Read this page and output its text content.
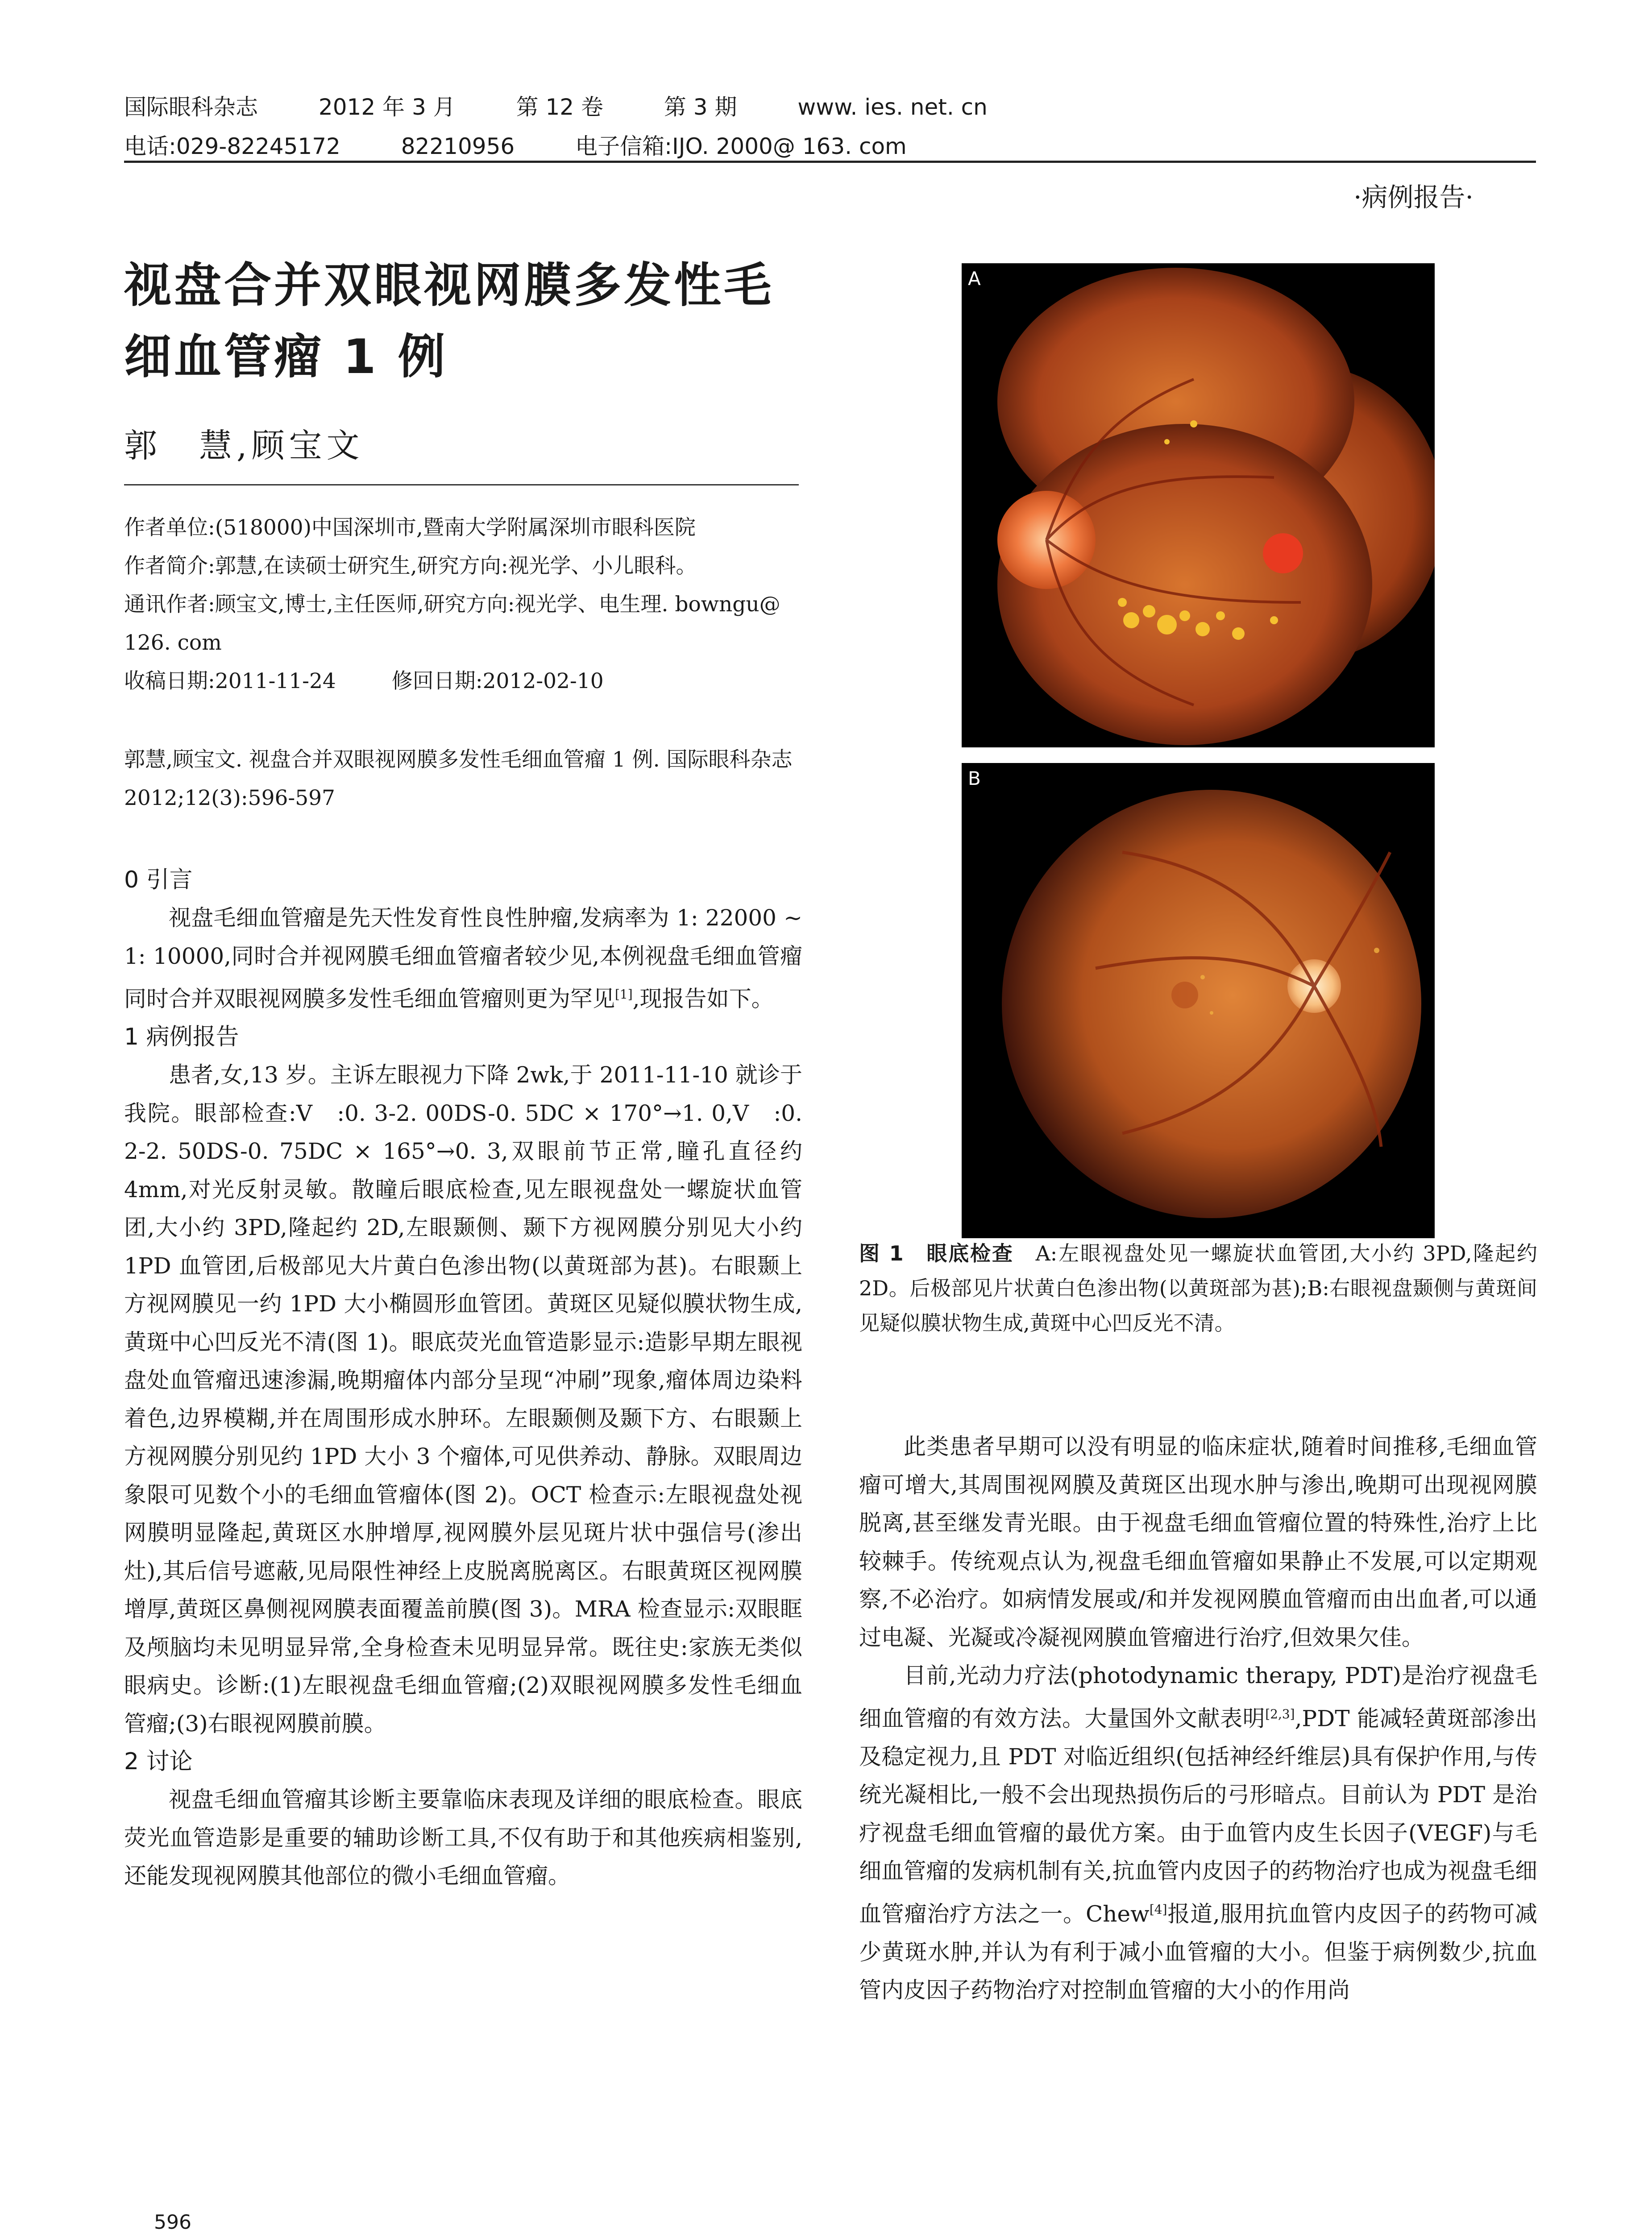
国际眼科杂志	2012 年 3 月	第 12 卷	第 3 期	www. ies. net. cn
电话:029-82245172	82210956	电子信箱:IJO. 2000@ 163. com
·病例报告·
视盘合并双眼视网膜多发性毛细血管瘤 1 例
郭　慧,顾宝文

作者单位:(518000)中国深圳市,暨南大学附属深圳市眼科医院

作者简介:郭慧,在读硕士研究生,研究方向:视光学、小儿眼科。

通讯作者:顾宝文,博士,主任医师,研究方向:视光学、电生理. bowngu@ 126. com

收稿日期:2011-11-24	修回日期:2012-02-10

郭慧,顾宝文. 视盘合并双眼视网膜多发性毛细血管瘤 1 例. 国际眼科杂志 2012;12(3):596-597
0 引言

视盘毛细血管瘤是先天性发育性良性肿瘤,发病率为 1: 22000 ~ 1: 10000,同时合并视网膜毛细血管瘤者较少见,本例视盘毛细血管瘤同时合并双眼视网膜多发性毛细血管瘤则更为罕见[1],现报告如下。

1 病例报告

患者,女,13 岁。主诉左眼视力下降 2wk,于 2011-11-10 就诊于我院。眼部检查:V　:0. 3-2. 00DS-0. 5DC × 170°→1. 0,V　:0. 2-2. 50DS-0. 75DC × 165°→0. 3,双眼前节正常,瞳孔直径约 4mm,对光反射灵敏。散瞳后眼底检查,见左眼视盘处一螺旋状血管团,大小约 3PD,隆起约 2D,左眼颞侧、颞下方视网膜分别见大小约 1PD 血管团,后极部见大片黄白色渗出物(以黄斑部为甚)。右眼颞上方视网膜见一约 1PD 大小椭圆形血管团。黄斑区见疑似膜状物生成,黄斑中心凹反光不清(图 1)。眼底荧光血管造影显示:造影早期左眼视盘处血管瘤迅速渗漏,晚期瘤体内部分呈现“冲刷”现象,瘤体周边染料着色,边界模糊,并在周围形成水肿环。左眼颞侧及颞下方、右眼颞上方视网膜分别见约 1PD 大小 3 个瘤体,可见供养动、静脉。双眼周边象限可见数个小的毛细血管瘤体(图 2)。OCT 检查示:左眼视盘处视网膜明显隆起,黄斑区水肿增厚,视网膜外层见斑片状中强信号(渗出灶),其后信号遮蔽,见局限性神经上皮脱离脱离区。右眼黄斑区视网膜增厚,黄斑区鼻侧视网膜表面覆盖前膜(图 3)。MRA 检查显示:双眼眶及颅脑均未见明显异常,全身检查未见明显异常。既往史:家族无类似眼病史。诊断:(1)左眼视盘毛细血管瘤;(2)双眼视网膜多发性毛细血管瘤;(3)右眼视网膜前膜。

2 讨论

视盘毛细血管瘤其诊断主要靠临床表现及详细的眼底检查。眼底荧光血管造影是重要的辅助诊断工具,不仅有助于和其他疾病相鉴别,还能发现视网膜其他部位的微小毛细血管瘤。

A
B
图 1　眼底检查　 A:左眼视盘处见一螺旋状血管团,大小约 3PD,隆起约 2D。后极部见片状黄白色渗出物(以黄斑部为甚);B:右眼视盘颞侧与黄斑间见疑似膜状物生成,黄斑中心凹反光不清。

此类患者早期可以没有明显的临床症状,随着时间推移,毛细血管瘤可增大,其周围视网膜及黄斑区出现水肿与渗出,晚期可出现视网膜脱离,甚至继发青光眼。由于视盘毛细血管瘤位置的特殊性,治疗上比较棘手。传统观点认为,视盘毛细血管瘤如果静止不发展,可以定期观察,不必治疗。如病情发展或/和并发视网膜血管瘤而由出血者,可以通过电凝、光凝或冷凝视网膜血管瘤进行治疗,但效果欠佳。

目前,光动力疗法(photodynamic therapy, PDT)是治疗视盘毛细血管瘤的有效方法。大量国外文献表明[2,3],PDT 能减轻黄斑部渗出及稳定视力,且 PDT 对临近组织(包括神经纤维层)具有保护作用,与传统光凝相比,一般不会出现热损伤后的弓形暗点。目前认为 PDT 是治疗视盘毛细血管瘤的最优方案。由于血管内皮生长因子(VEGF)与毛细血管瘤的发病机制有关,抗血管内皮因子的药物治疗也成为视盘毛细血管瘤治疗方法之一。Chew[4]报道,服用抗血管内皮因子的药物可减少黄斑水肿,并认为有利于减小血管瘤的大小。但鉴于病例数少,抗血管内皮因子药物治疗对控制血管瘤的大小的作用尚

596
